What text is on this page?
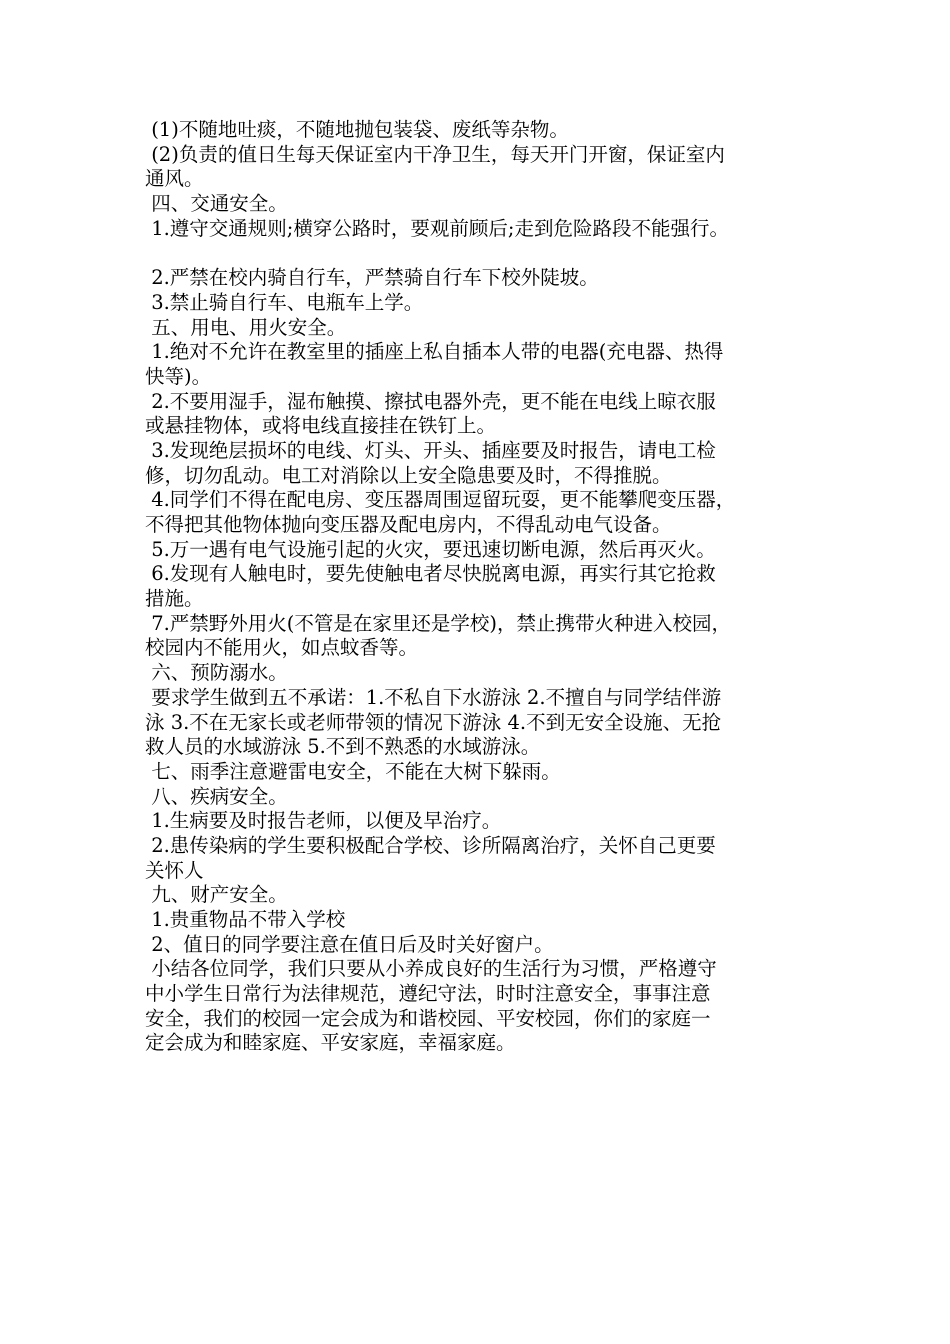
(1)不随地吐痰，不随地抛包装袋、废纸等杂物。
(2)负责的值日生每天保证室内干净卫生，每天开门开窗，保证室内
通风。
四、交通安全。
1.遵守交通规则;横穿公路时，要观前顾后;走到危险路段不能强行。
2.严禁在校内骑自行车，严禁骑自行车下校外陡坡。
3.禁止骑自行车、电瓶车上学。
五、用电、用火安全。
1.绝对不允许在教室里的插座上私自插本人带的电器(充电器、热得
快等)。
2.不要用湿手，湿布触摸、擦拭电器外壳，更不能在电线上晾衣服
或悬挂物体，或将电线直接挂在铁钉上。
3.发现绝层损坏的电线、灯头、开头、插座要及时报告，请电工检
修，切勿乱动。电工对消除以上安全隐患要及时，不得推脱。
4.同学们不得在配电房、变压器周围逗留玩耍，更不能攀爬变压器，
不得把其他物体抛向变压器及配电房内，不得乱动电气设备。
5.万一遇有电气设施引起的火灾，要迅速切断电源，然后再灭火。
6.发现有人触电时，要先使触电者尽快脱离电源，再实行其它抢救
措施。
7.严禁野外用火(不管是在家里还是学校)，禁止携带火种进入校园，
校园内不能用火，如点蚊香等。
六、预防溺水。
要求学生做到五不承诺：1.不私自下水游泳 2.不擅自与同学结伴游
泳 3.不在无家长或老师带领的情况下游泳 4.不到无安全设施、无抢
救人员的水域游泳 5.不到不熟悉的水域游泳。
七、雨季注意避雷电安全，不能在大树下躲雨。
八、疾病安全。
1.生病要及时报告老师，以便及早治疗。
2.患传染病的学生要积极配合学校、诊所隔离治疗，关怀自己更要
关怀人
九、财产安全。
1.贵重物品不带入学校
2、值日的同学要注意在值日后及时关好窗户。
小结各位同学，我们只要从小养成良好的生活行为习惯，严格遵守
中小学生日常行为法律规范，遵纪守法，时时注意安全，事事注意
安全，我们的校园一定会成为和谐校园、平安校园，你们的家庭一
定会成为和睦家庭、平安家庭，幸福家庭。
